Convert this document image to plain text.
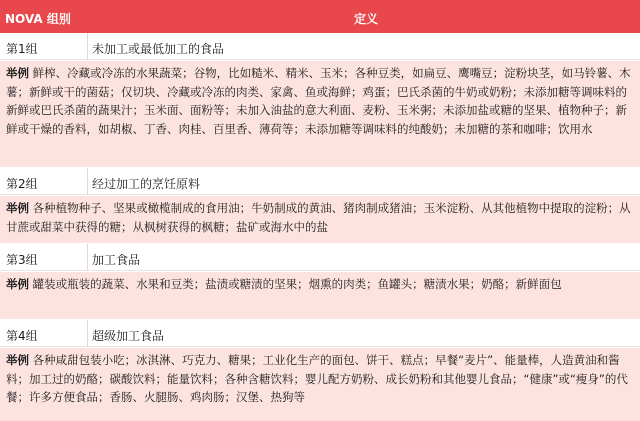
NOVA 组别	定义
第1组	未加工或最低加工的食品
举例 鲜榨、冷藏或冷冻的水果蔬菜；谷物，比如糙米、精米、玉米；各种豆类，如扁豆、鹰嘴豆；淀粉块茎，如马铃薯、木薯；新鲜或干的菌菇；仅切块、冷藏或冷冻的肉类、家禽、鱼或海鲜；鸡蛋；巴氏杀菌的牛奶或奶粉；未添加糖等调味料的新鲜或巴氏杀菌的蔬果汁；玉米面、面粉等；未加入油盐的意大利面、麦粉、玉米粥；未添加盐或糖的坚果、植物种子；新鲜或干燥的香料，如胡椒、丁香、肉桂、百里香、薄荷等；未添加糖等调味料的纯酸奶；未加糖的茶和咖啡；饮用水
第2组	经过加工的烹饪原料
举例 各种植物种子、坚果或橄榄制成的食用油；牛奶制成的黄油、猪肉制成猪油；玉米淀粉、从其他植物中提取的淀粉；从甘蔗或甜菜中获得的糖；从枫树获得的枫糖；盐矿或海水中的盐
第3组	加工食品
举例 罐装或瓶装的蔬菜、水果和豆类；盐渍或糖渍的坚果；烟熏的肉类；鱼罐头；糖渍水果；奶酪；新鲜面包
第4组	超级加工食品
举例 各种咸甜包装小吃；冰淇淋、巧克力、糖果；工业化生产的面包、饼干、糕点；早餐“麦片”、能量棒，人造黄油和酱料；加工过的奶酪；碳酸饮料；能量饮料；各种含糖饮料；婴儿配方奶粉、成长奶粉和其他婴儿食品；“健康”或“瘦身”的代餐；许多方便食品；香肠、火腿肠、鸡肉肠；汉堡、热狗等
